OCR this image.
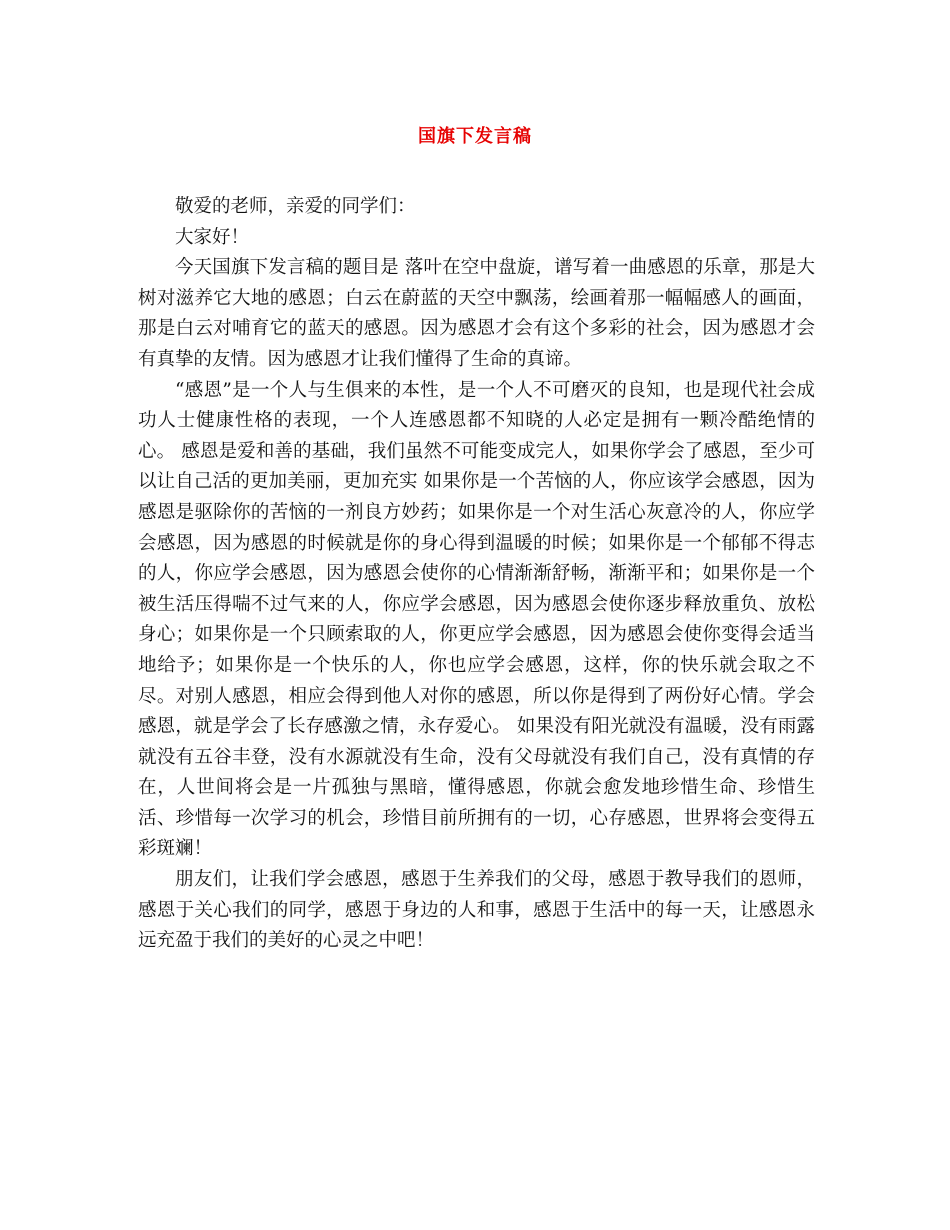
国旗下发言稿

敬爱的老师，亲爱的同学们：

大家好！

今天国旗下发言稿的题目是 落叶在空中盘旋，谱写着一曲感恩的乐章，那是大树对滋养它大地的感恩；白云在蔚蓝的天空中飘荡，绘画着那一幅幅感人的画面，那是白云对哺育它的蓝天的感恩。因为感恩才会有这个多彩的社会，因为感恩才会有真挚的友情。因为感恩才让我们懂得了生命的真谛。

“感恩”是一个人与生俱来的本性，是一个人不可磨灭的良知，也是现代社会成功人士健康性格的表现，一个人连感恩都不知晓的人必定是拥有一颗冷酷绝情的心。 感恩是爱和善的基础，我们虽然不可能变成完人，如果你学会了感恩，至少可以让自己活的更加美丽，更加充实 如果你是一个苦恼的人，你应该学会感恩，因为感恩是驱除你的苦恼的一剂良方妙药；如果你是一个对生活心灰意冷的人，你应学会感恩，因为感恩的时候就是你的身心得到温暖的时候；如果你是一个郁郁不得志的人，你应学会感恩，因为感恩会使你的心情渐渐舒畅，渐渐平和；如果你是一个被生活压得喘不过气来的人，你应学会感恩，因为感恩会使你逐步释放重负、放松身心；如果你是一个只顾索取的人，你更应学会感恩，因为感恩会使你变得会适当地给予；如果你是一个快乐的人，你也应学会感恩，这样，你的快乐就会取之不尽。对别人感恩，相应会得到他人对你的感恩，所以你是得到了两份好心情。学会感恩，就是学会了长存感激之情，永存爱心。 如果没有阳光就没有温暖，没有雨露就没有五谷丰登，没有水源就没有生命，没有父母就没有我们自己，没有真情的存在，人世间将会是一片孤独与黑暗，懂得感恩，你就会愈发地珍惜生命、珍惜生活、珍惜每一次学习的机会，珍惜目前所拥有的一切，心存感恩，世界将会变得五彩斑斓！

朋友们，让我们学会感恩，感恩于生养我们的父母，感恩于教导我们的恩师，感恩于关心我们的同学，感恩于身边的人和事，感恩于生活中的每一天，让感恩永远充盈于我们的美好的心灵之中吧！
